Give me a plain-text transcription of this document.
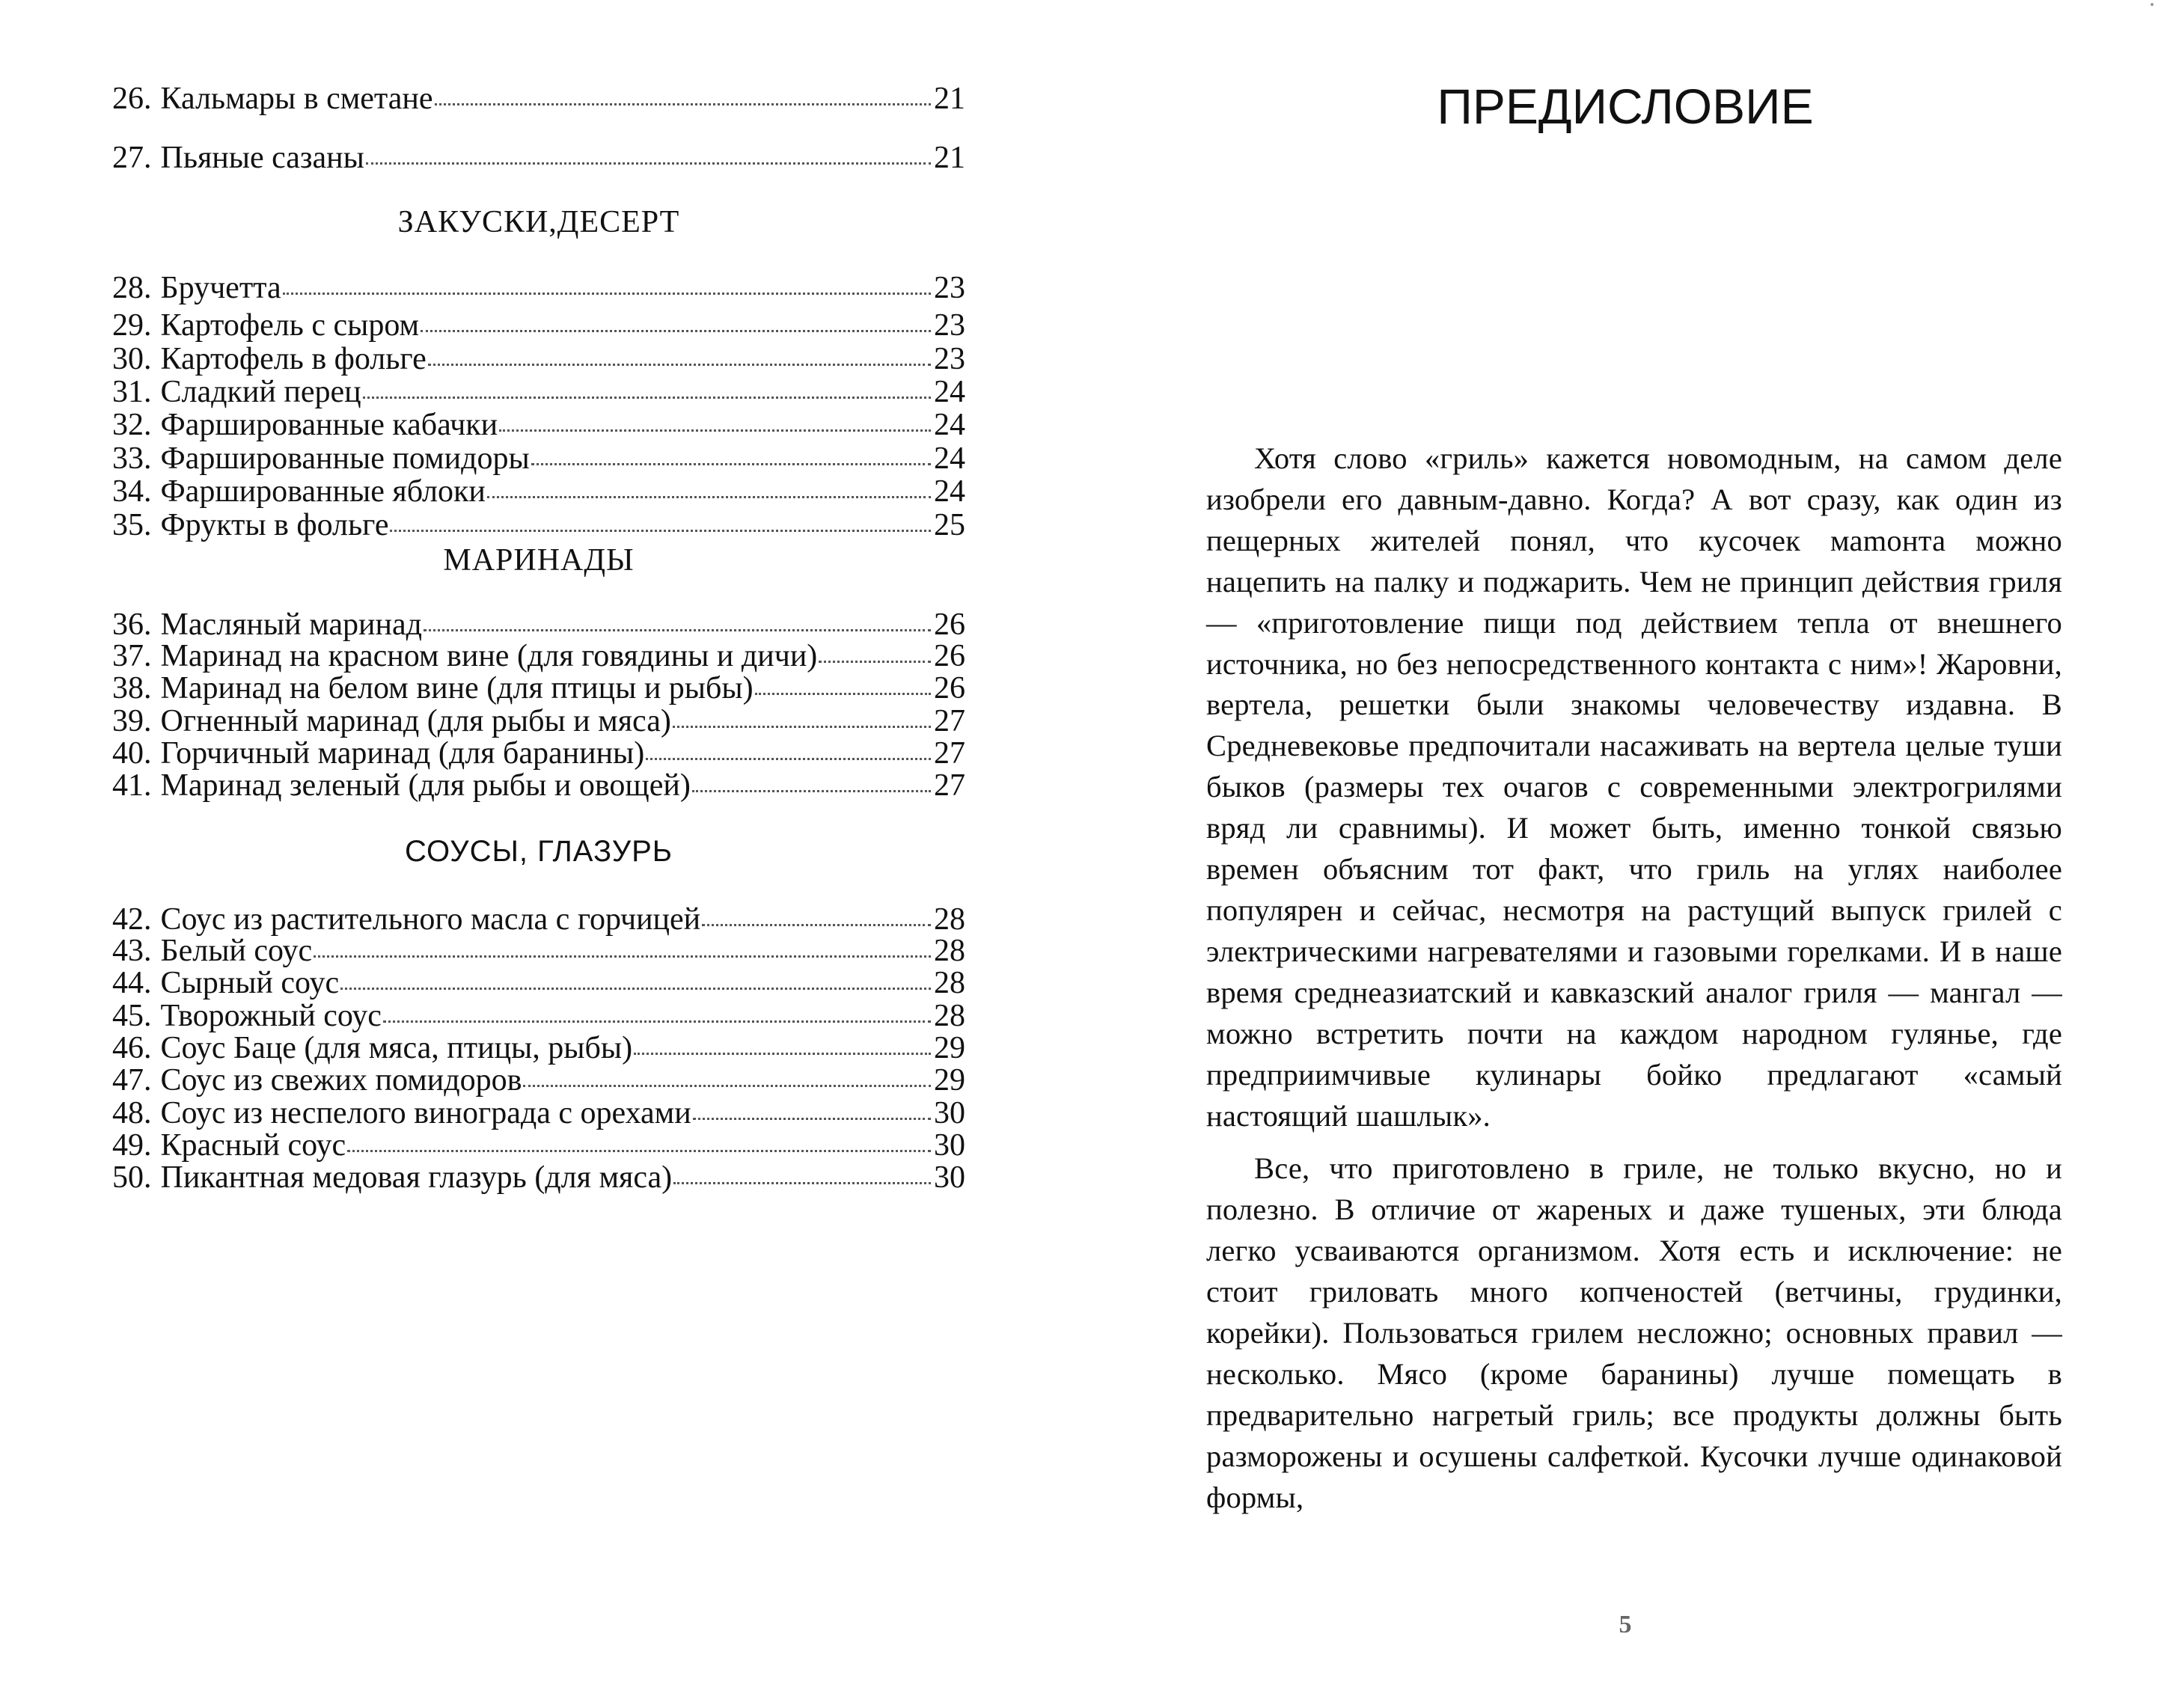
26. Кальмары в сметане	21
27. Пьяные сазаны	21
ЗАКУСКИ,ДЕСЕРТ
28. Бручетта	23
29. Картофель с сыром	23
30. Картофель в фольге	23
31. Сладкий перец	24
32. Фаршированные кабачки	24
33. Фаршированные помидоры	24
34. Фаршированные яблоки	24
35. Фрукты в фольге	25
МАРИНАДЫ
36. Масляный маринад	26
37. Маринад на красном вине (для говядины и дичи)	26
38. Маринад на белом вине (для птицы и рыбы)	26
39. Огненный маринад (для рыбы и мяса)	27
40. Горчичный маринад (для баранины)	27
41. Маринад зеленый (для рыбы и овощей)	27
СОУСЫ, ГЛАЗУРЬ
42. Соус из растительного масла с горчицей	28
43. Белый соус	28
44. Сырный соус	28
45. Творожный соус	28
46. Соус Баце (для мяса, птицы, рыбы)	29
47. Соус из свежих помидоров	29
48. Соус из неспелого винограда с орехами	30
49. Красный соус	30
50. Пикантная медовая глазурь (для мяса)	30
ПРЕДИСЛОВИЕ

Хотя слово «гриль» кажется новомодным, на самом деле изобрели его давным-давно. Когда? А вот сразу, как один из пещерных жителей понял, что кусочек маmонта можно нацепить на палку и поджарить. Чем не принцип действия гриля — «приготовление пищи под действием тепла от внешнего источника, но без непосредственного контакта с ним»! Жаровни, вертела, решетки были знакомы человечеству издавна. В Средневековье предпочитали насаживать на вертела целые туши быков (размеры тех очагов с современными электрогрилями вряд ли сравнимы). И может быть, именно тонкой связью времен объясним тот факт, что гриль на углях наиболее популярен и сейчас, несмотря на растущий выпуск грилей с электрическими нагревателями и газовыми горелками. И в наше время среднеазиатский и кавказский аналог гриля — мангал — можно встретить почти на каждом народном гулянье, где предприимчивые кулинары бойко предлагают «самый настоящий шашлык».

Все, что приготовлено в гриле, не только вкусно, но и полезно. В отличие от жареных и даже тушеных, эти блюда легко усваиваются организмом. Хотя есть и исключение: не стоит гриловать много копченостей (ветчины, грудинки, корейки). Пользоваться грилем несложно; основных правил — несколько. Мясо (кроме баранины) лучше помещать в предварительно нагретый гриль; все продукты должны быть разморожены и осушены салфеткой. Кусочки лучше одинаковой формы,

5
